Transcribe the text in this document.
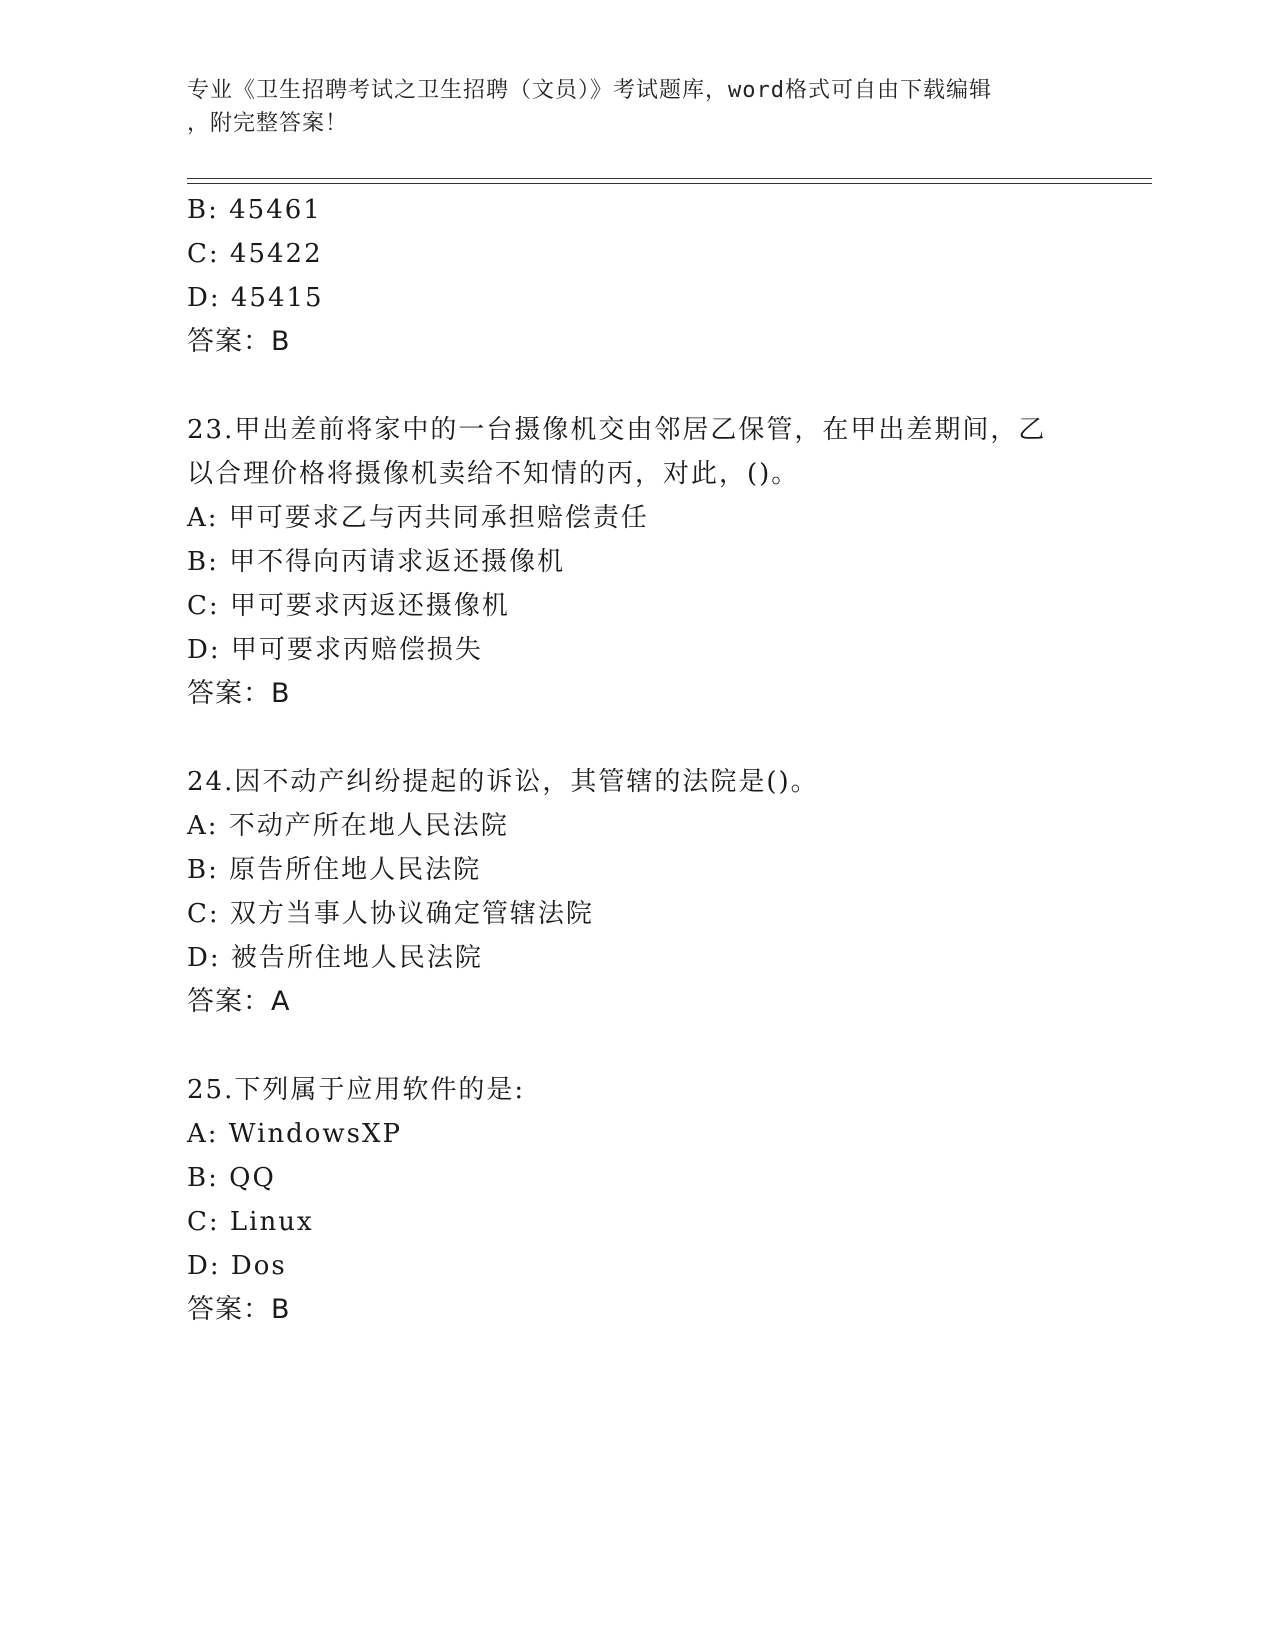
专业《卫生招聘考试之卫生招聘（文员）》考试题库，word格式可自由下载编辑
，附完整答案！
B: 45461
C: 45422
D: 45415
答案：B
23.甲出差前将家中的一台摄像机交由邻居乙保管，在甲出差期间，乙
以合理价格将摄像机卖给不知情的丙，对此，()。
A: 甲可要求乙与丙共同承担赔偿责任
B: 甲不得向丙请求返还摄像机
C: 甲可要求丙返还摄像机
D: 甲可要求丙赔偿损失
答案：B
24.因不动产纠纷提起的诉讼，其管辖的法院是()。
A: 不动产所在地人民法院
B: 原告所住地人民法院
C: 双方当事人协议确定管辖法院
D: 被告所住地人民法院
答案：A
25.下列属于应用软件的是:
A: WindowsXP
B: QQ
C: Linux
D: Dos
答案：B
